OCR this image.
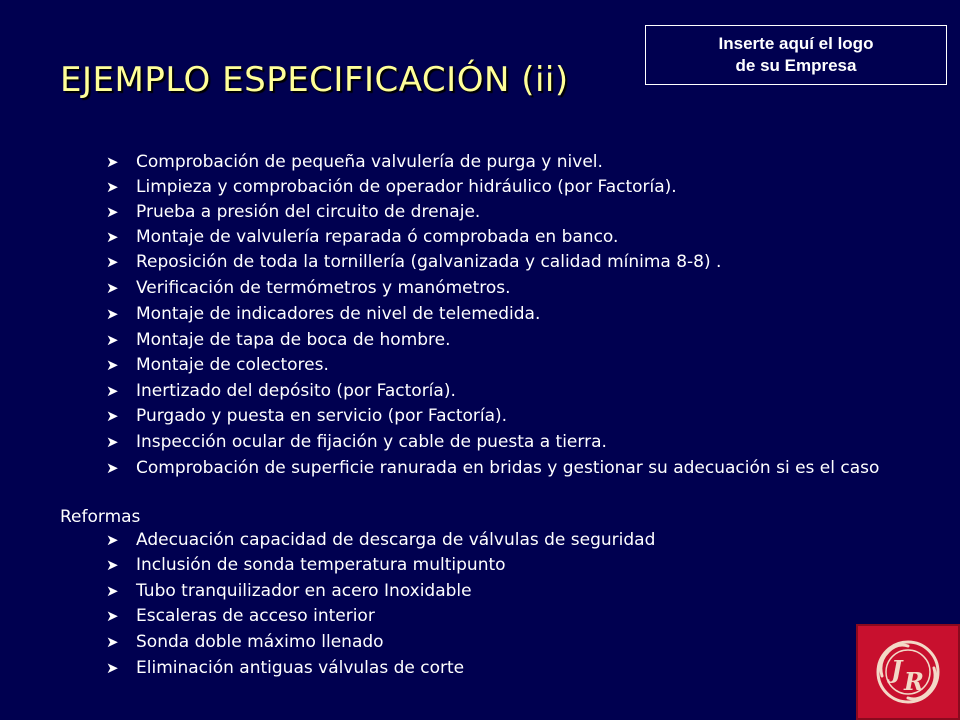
EJEMPLO ESPECIFICACIÓN (ii)
Inserte aquí el logo
de su Empresa
➤	Comprobación de pequeña valvulería de purga y nivel.
➤	Limpieza y comprobación de operador hidráulico (por Factoría).
➤	Prueba a presión del circuito de drenaje.
➤	Montaje de valvulería reparada ó comprobada en banco.
➤	Reposición de toda la tornillería (galvanizada y calidad mínima 8-8) .
➤	Verificación de termómetros y manómetros.
➤	Montaje de indicadores de nivel de telemedida.
➤	Montaje de tapa de boca de hombre.
➤	Montaje de colectores.
➤	Inertizado del depósito (por Factoría).
➤	Purgado y puesta en servicio (por Factoría).
➤	Inspección ocular de fijación y cable de puesta a tierra.
➤	Comprobación de superficie ranurada en bridas y gestionar su adecuación si es el caso
Reformas
➤	Adecuación capacidad de descarga de válvulas de seguridad
➤	Inclusión de sonda temperatura multipunto
➤	Tubo tranquilizador en acero Inoxidable
➤	Escaleras de acceso interior
➤	Sonda doble máximo llenado
➤	Eliminación antiguas válvulas de corte	J R
